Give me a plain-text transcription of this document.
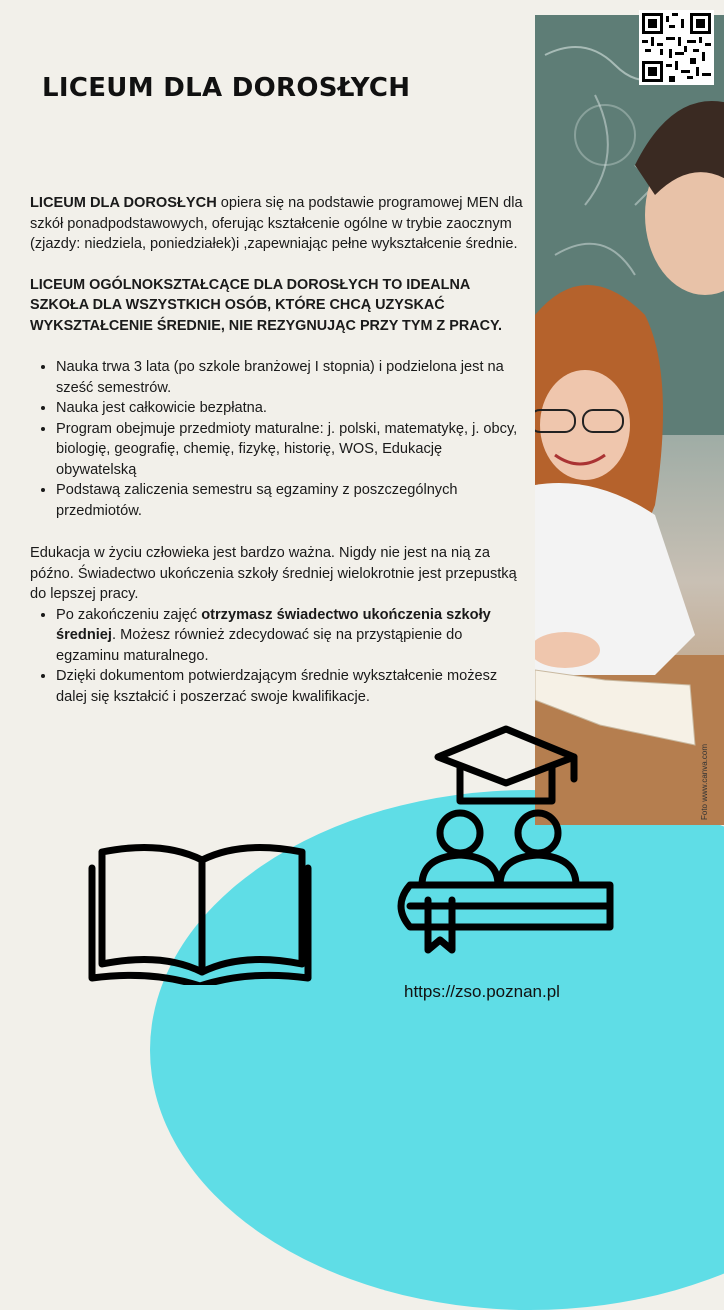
LICEUM DLA DOROSŁYCH

LICEUM DLA DOROSŁYCH opiera się na podstawie programowej MEN dla szkół ponadpodstawowych, oferując kształcenie ogólne w trybie zaocznym (zjazdy: niedziela, poniedziałek)i ,zapewniając pełne wykształcenie średnie.

LICEUM OGÓLNOKSZTAŁCĄCE DLA DOROSŁYCH TO IDEALNA SZKOŁA DLA WSZYSTKICH OSÓB, KTÓRE CHCĄ UZYSKAĆ WYKSZTAŁCENIE ŚREDNIE, NIE REZYGNUJĄC PRZY TYM Z PRACY.

• Nauka trwa 3 lata (po szkole branżowej I stopnia) i podzielona jest na sześć semestrów.
• Nauka jest całkowicie bezpłatna.
• Program obejmuje przedmioty maturalne: j. polski, matematykę, j. obcy, biologię, geografię, chemię, fizykę, historię, WOS, Edukację obywatelską
• Podstawą zaliczenia semestru są egzaminy z poszczególnych przedmiotów.

Edukacja w życiu człowieka jest bardzo ważna. Nigdy nie jest na nią za późno. Świadectwo ukończenia szkoły średniej wielokrotnie jest przepustką do lepszej pracy.

• Po zakończeniu zajęć otrzymasz świadectwo ukończenia szkoły średniej. Możesz również zdecydować się na przystąpienie do egzaminu maturalnego.
• Dzięki dokumentom potwierdzającym średnie wykształcenie możesz dalej się kształcić i poszerzać swoje kwalifikacje.
Foto www.canva.com
https://zso.poznan.pl
